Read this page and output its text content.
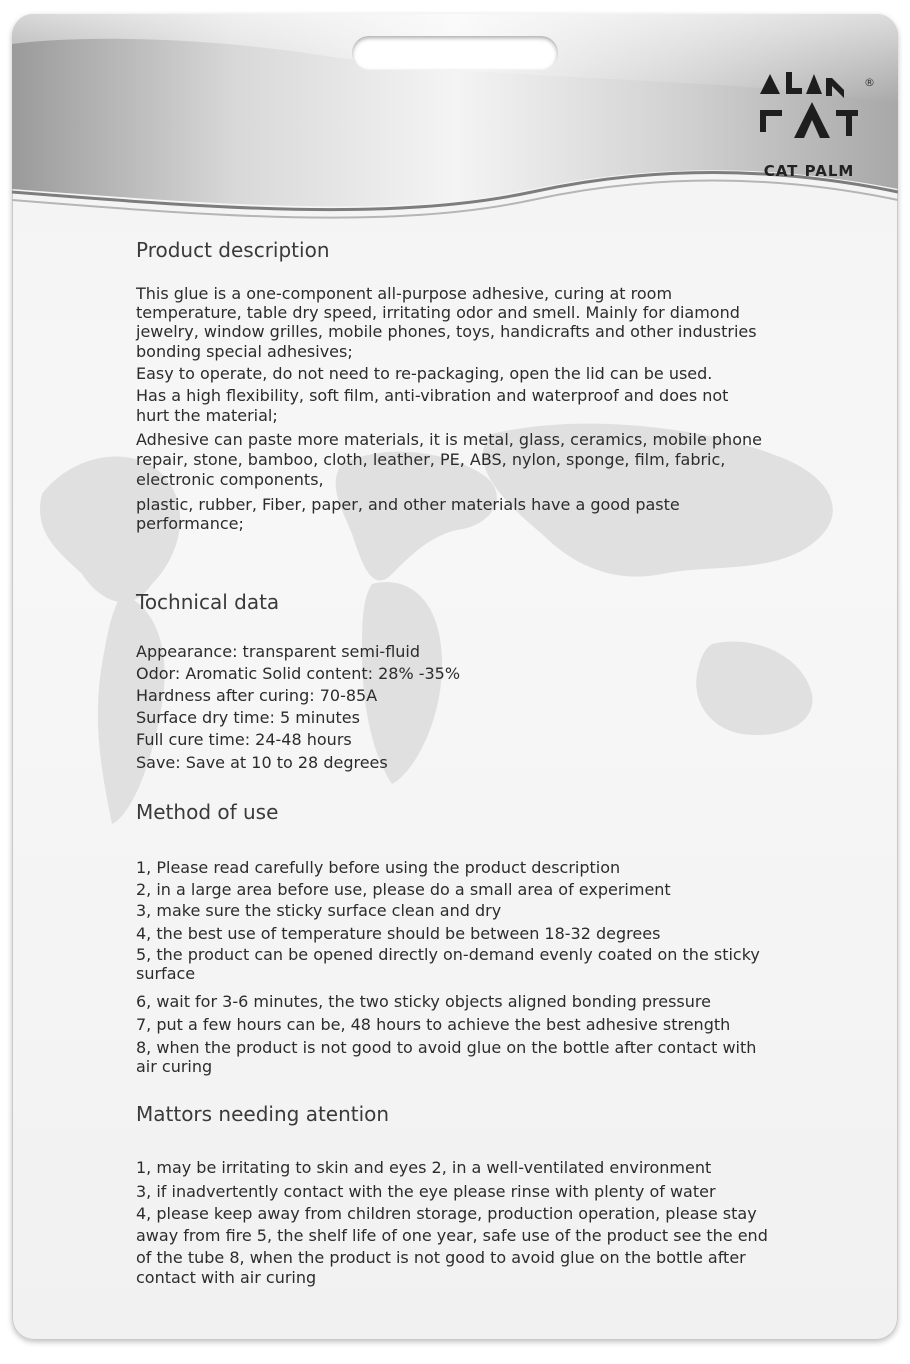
®
CAT PALM
Product description
This glue is a one-component all-purpose adhesive, curing at room
temperature, table dry speed, irritating odor and smell. Mainly for diamond
jewelry, window grilles, mobile phones, toys, handicrafts and other industries
bonding special adhesives;
Easy to operate, do not need to re-packaging, open the lid can be used.
Has a high flexibility, soft film, anti-vibration and waterproof and does not
hurt the material;
Adhesive can paste more materials, it is metal, glass, ceramics, mobile phone
repair, stone, bamboo, cloth, leather, PE, ABS, nylon, sponge, film, fabric,
electronic components,
plastic, rubber, Fiber, paper, and other materials have a good paste
performance;
Tochnical data
Appearance: transparent semi-fluid
Odor: Aromatic Solid content: 28% -35%
Hardness after curing: 70-85A
Surface dry time: 5 minutes
Full cure time: 24-48 hours
Save: Save at 10 to 28 degrees
Method of use
1, Please read carefully before using the product description
2, in a large area before use, please do a small area of experiment
3, make sure the sticky surface clean and dry
4, the best use of temperature should be between 18-32 degrees
5, the product can be opened directly on-demand evenly coated on the sticky
surface
6, wait for 3-6 minutes, the two sticky objects aligned bonding pressure
7, put a few hours can be, 48 hours to achieve the best adhesive strength
8, when the product is not good to avoid glue on the bottle after contact with
air curing
Mattors needing atention
1, may be irritating to skin and eyes 2, in a well-ventilated environment
3, if inadvertently contact with the eye please rinse with plenty of water
4, please keep away from children storage, production operation, please stay
away from fire 5, the shelf life of one year, safe use of the product see the end
of the tube 8, when the product is not good to avoid glue on the bottle after
contact with air curing
